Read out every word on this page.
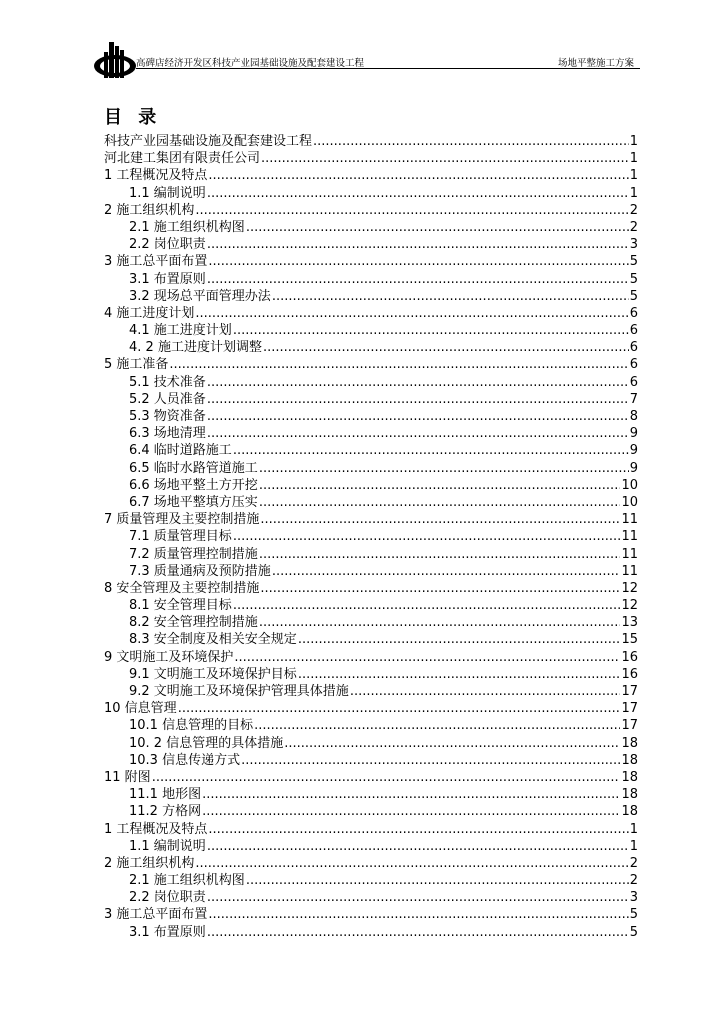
高碑店经济开发区科技产业园基础设施及配套建设工程	场地平整施工方案
目 录
科技产业园基础设施及配套建设工程 .....	1
河北建工集团有限责任公司 .....	1
1 工程概况及特点 .....	1
1.1 编制说明 .....	1
2 施工组织机构 .....	2
2.1 施工组织机构图 .....	2
2.2 岗位职责 .....	3
3 施工总平面布置 .....	5
3.1 布置原则 .....	5
3.2 现场总平面管理办法 .....	5
4 施工进度计划 .....	6
4.1 施工进度计划 .....	6
4. 2 施工进度计划调整 .....	6
5 施工准备 .....	6
5.1 技术准备 .....	6
5.2 人员准备 .....	7
5.3 物资准备 .....	8
6.3 场地清理 .....	9
6.4 临时道路施工 .....	9
6.5 临时水路管道施工 .....	9
6.6 场地平整土方开挖 .....	10
6.7 场地平整填方压实 .....	10
7 质量管理及主要控制措施 .....	11
7.1 质量管理目标 .....	11
7.2 质量管理控制措施 .....	11
7.3 质量通病及预防措施 .....	11
8 安全管理及主要控制措施 .....	12
8.1 安全管理目标 .....	12
8.2 安全管理控制措施 .....	13
8.3 安全制度及相关安全规定 .....	15
9 文明施工及环境保护 .....	16
9.1 文明施工及环境保护目标 .....	16
9.2 文明施工及环境保护管理具体措施 .....	17
10 信息管理 .....	17
10.1 信息管理的目标 .....	17
10. 2 信息管理的具体措施 .....	18
10.3 信息传递方式 .....	18
11 附图 .....	18
11.1 地形图 .....	18
11.2 方格网 .....	18
1 工程概况及特点 .....	1
1.1 编制说明 .....	1
2 施工组织机构 .....	2
2.1 施工组织机构图 .....	2
2.2 岗位职责 .....	3
3 施工总平面布置 .....	5
3.1 布置原则 .....	5
